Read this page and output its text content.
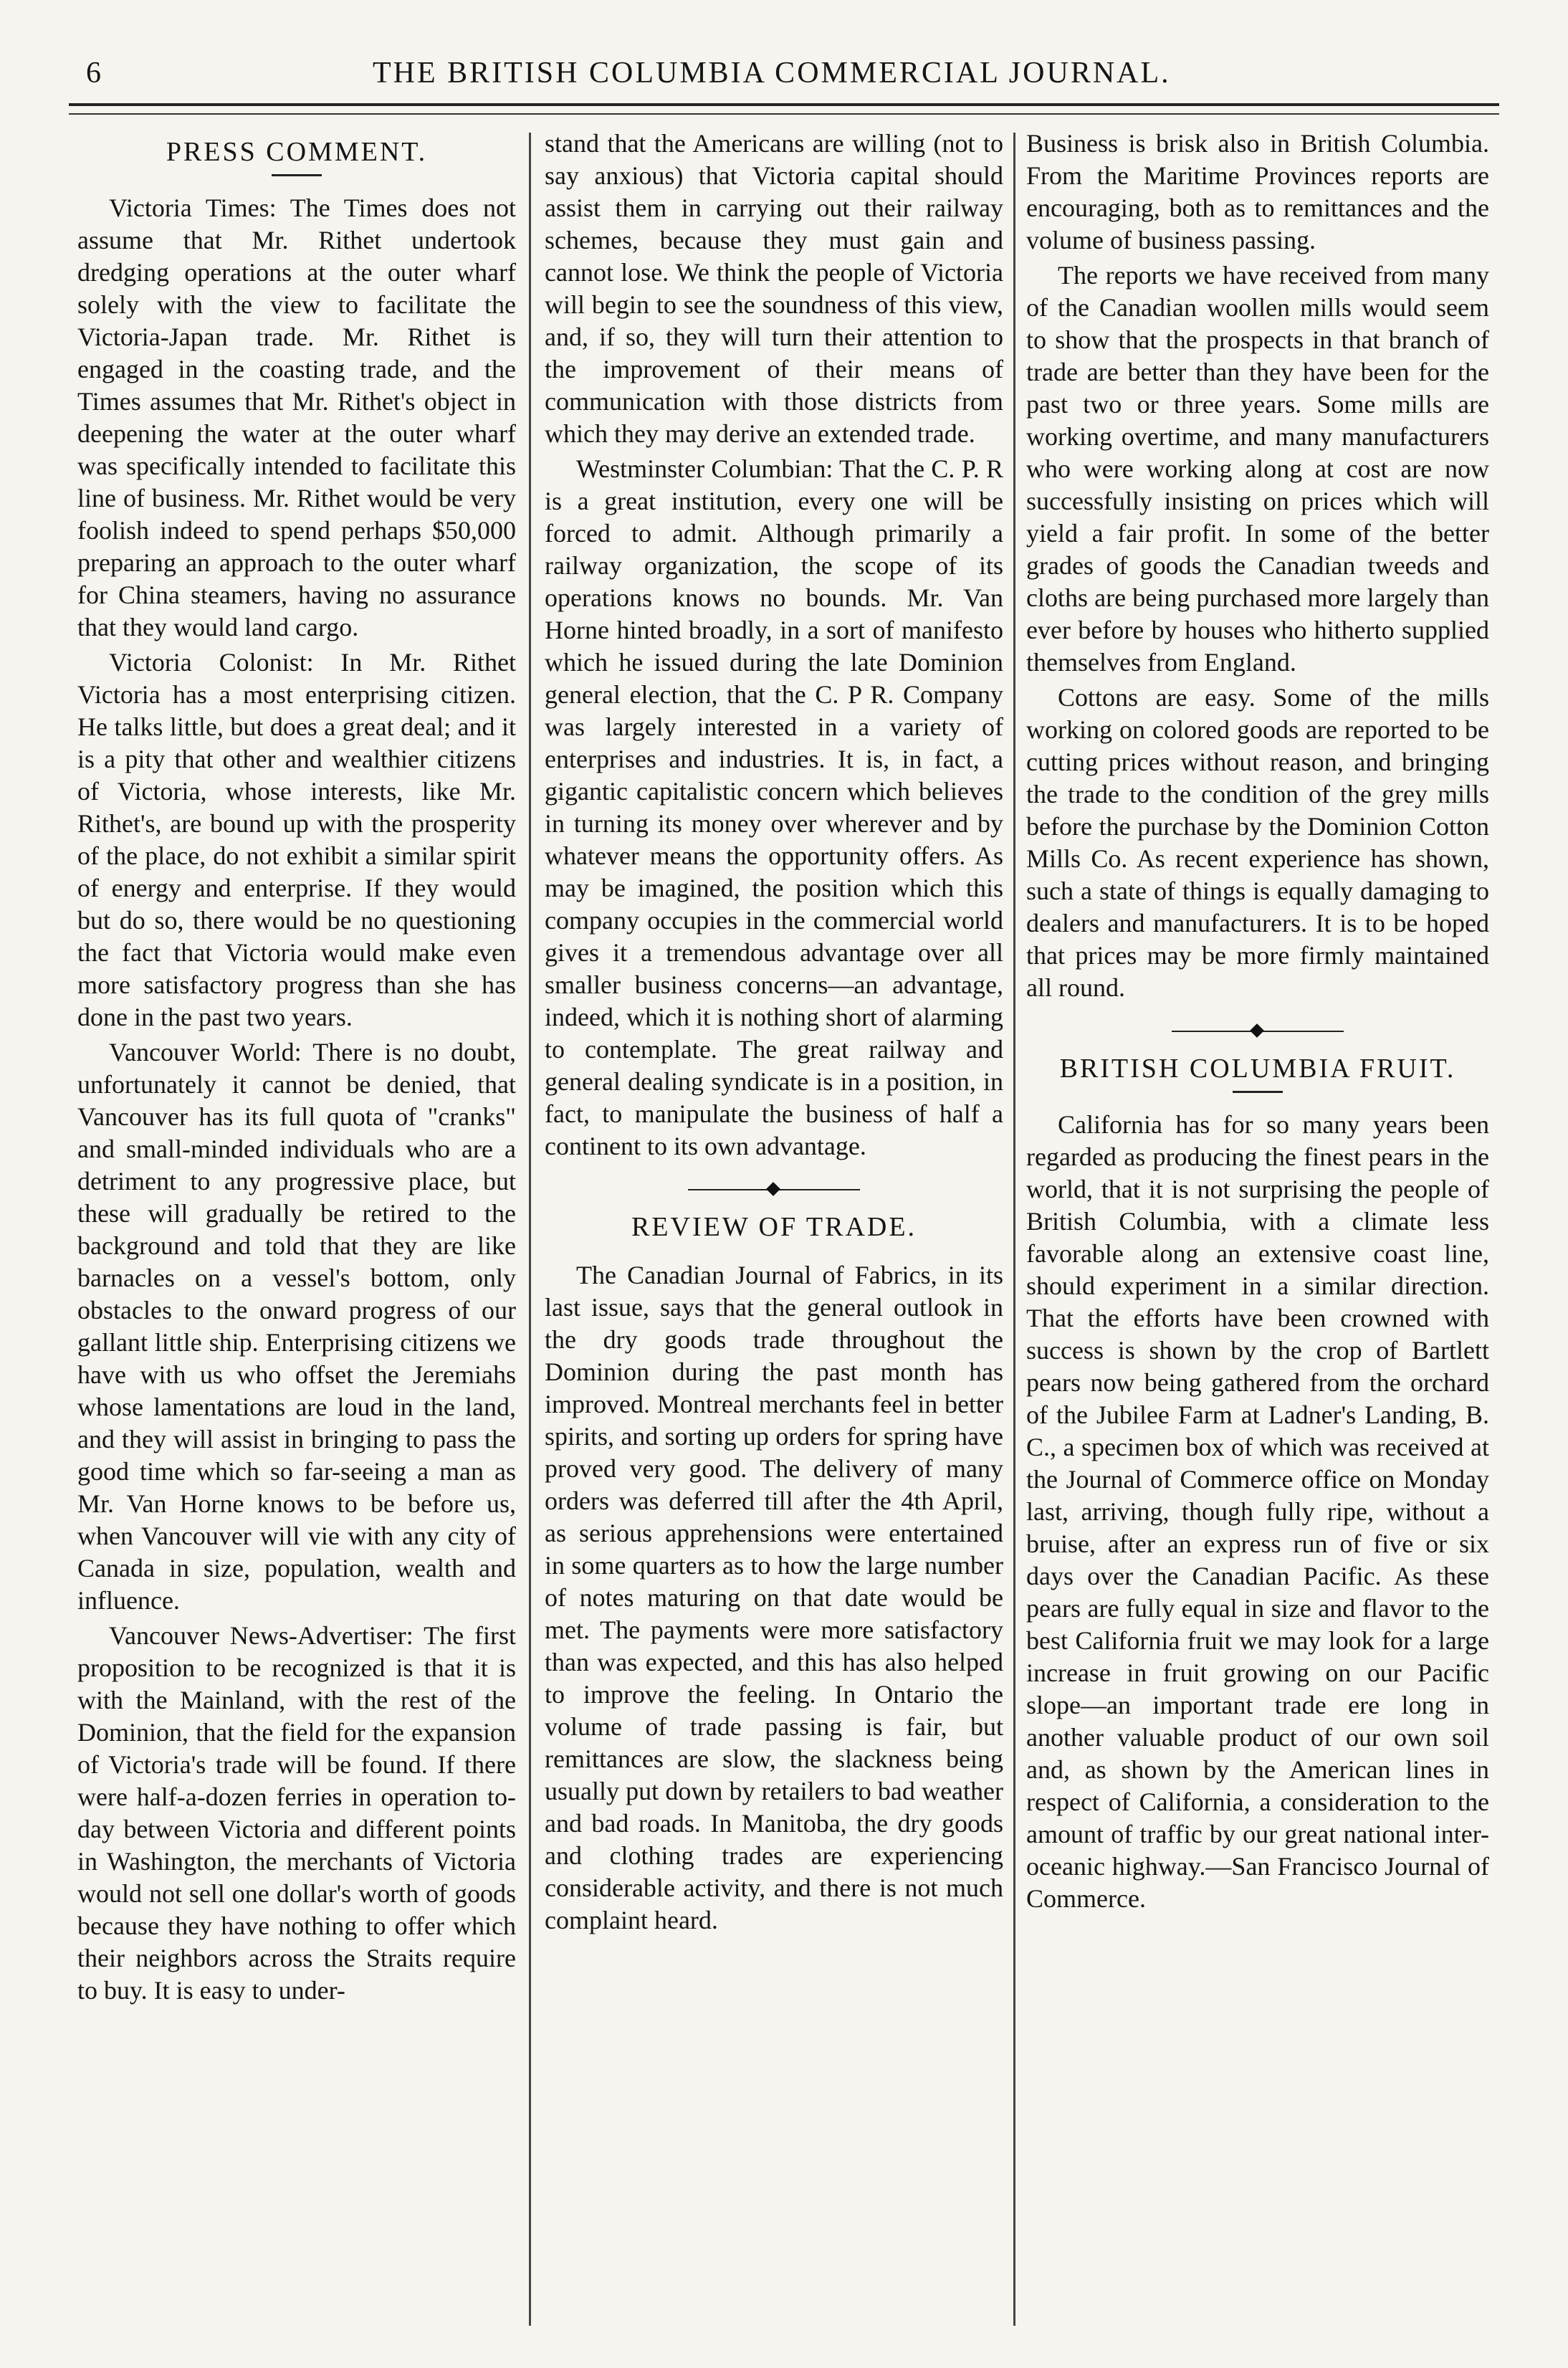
6	THE BRITISH COLUMBIA COMMERCIAL JOURNAL.
PRESS COMMENT.

Victoria Times: The Times does not assume that Mr. Rithet undertook dredging operations at the outer wharf solely with the view to facilitate the Victoria-Japan trade. Mr. Rithet is engaged in the coasting trade, and the Times assumes that Mr. Rithet's object in deepening the water at the outer wharf was specifically intended to facilitate this line of business. Mr. Rithet would be very foolish indeed to spend perhaps $50,000 preparing an approach to the outer wharf for China steamers, having no assurance that they would land cargo.

Victoria Colonist: In Mr. Rithet Victoria has a most enterprising citizen. He talks little, but does a great deal; and it is a pity that other and wealthier citizens of Victoria, whose interests, like Mr. Rithet's, are bound up with the prosperity of the place, do not exhibit a similar spirit of energy and enterprise. If they would but do so, there would be no questioning the fact that Victoria would make even more satisfactory progress than she has done in the past two years.

Vancouver World: There is no doubt, unfortunately it cannot be denied, that Vancouver has its full quota of "cranks" and small-minded individuals who are a detriment to any progressive place, but these will gradually be retired to the background and told that they are like barnacles on a vessel's bottom, only obstacles to the onward progress of our gallant little ship. Enterprising citizens we have with us who offset the Jeremiahs whose lamentations are loud in the land, and they will assist in bringing to pass the good time which so far-seeing a man as Mr. Van Horne knows to be before us, when Vancouver will vie with any city of Canada in size, population, wealth and influence.

Vancouver News-Advertiser: The first proposition to be recognized is that it is with the Mainland, with the rest of the Dominion, that the field for the expansion of Victoria's trade will be found. If there were half-a-dozen ferries in operation to-day between Victoria and different points in Washington, the merchants of Victoria would not sell one dollar's worth of goods because they have nothing to offer which their neighbors across the Straits require to buy. It is easy to under-

stand that the Americans are willing (not to say anxious) that Victoria capital should assist them in carrying out their railway schemes, because they must gain and cannot lose. We think the people of Victoria will begin to see the soundness of this view, and, if so, they will turn their attention to the improvement of their means of communication with those districts from which they may derive an extended trade.

Westminster Columbian: That the C. P. R is a great institution, every one will be forced to admit. Although primarily a railway organization, the scope of its operations knows no bounds. Mr. Van Horne hinted broadly, in a sort of manifesto which he issued during the late Dominion general election, that the C. P R. Company was largely interested in a variety of enterprises and industries. It is, in fact, a gigantic capitalistic concern which believes in turning its money over wherever and by whatever means the opportunity offers. As may be imagined, the position which this company occupies in the commercial world gives it a tremendous advantage over all smaller business concerns—an advantage, indeed, which it is nothing short of alarming to contemplate. The great railway and general dealing syndicate is in a position, in fact, to manipulate the business of half a continent to its own advantage.

REVIEW OF TRADE.

The Canadian Journal of Fabrics, in its last issue, says that the general outlook in the dry goods trade throughout the Dominion during the past month has improved. Montreal merchants feel in better spirits, and sorting up orders for spring have proved very good. The delivery of many orders was deferred till after the 4th April, as serious apprehensions were entertained in some quarters as to how the large number of notes maturing on that date would be met. The payments were more satisfactory than was expected, and this has also helped to improve the feeling. In Ontario the volume of trade passing is fair, but remittances are slow, the slackness being usually put down by retailers to bad weather and bad roads. In Manitoba, the dry goods and clothing trades are experiencing considerable activity, and there is not much complaint heard.

Business is brisk also in British Columbia. From the Maritime Provinces reports are encouraging, both as to remittances and the volume of business passing.

The reports we have received from many of the Canadian woollen mills would seem to show that the prospects in that branch of trade are better than they have been for the past two or three years. Some mills are working overtime, and many manufacturers who were working along at cost are now successfully insisting on prices which will yield a fair profit. In some of the better grades of goods the Canadian tweeds and cloths are being purchased more largely than ever before by houses who hitherto supplied themselves from England.

Cottons are easy. Some of the mills working on colored goods are reported to be cutting prices without reason, and bringing the trade to the condition of the grey mills before the purchase by the Dominion Cotton Mills Co. As recent experience has shown, such a state of things is equally damaging to dealers and manufacturers. It is to be hoped that prices may be more firmly maintained all round.

BRITISH COLUMBIA FRUIT.

California has for so many years been regarded as producing the finest pears in the world, that it is not surprising the people of British Columbia, with a climate less favorable along an extensive coast line, should experiment in a similar direction. That the efforts have been crowned with success is shown by the crop of Bartlett pears now being gathered from the orchard of the Jubilee Farm at Ladner's Landing, B. C., a specimen box of which was received at the Journal of Commerce office on Monday last, arriving, though fully ripe, without a bruise, after an express run of five or six days over the Canadian Pacific. As these pears are fully equal in size and flavor to the best California fruit we may look for a large increase in fruit growing on our Pacific slope—an important trade ere long in another valuable product of our own soil and, as shown by the American lines in respect of California, a consideration to the amount of traffic by our great national inter-oceanic highway.—San Francisco Journal of Commerce.
